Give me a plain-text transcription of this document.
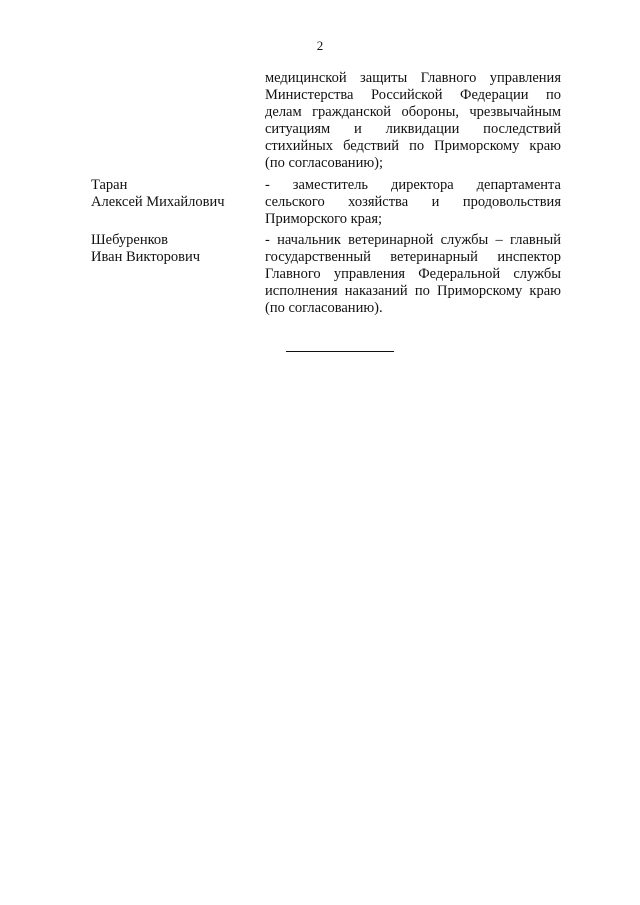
2
медицинской защиты Главного управления
Министерства Российской Федерации по
делам гражданской обороны, чрезвычайным
ситуациям и ликвидации последствий
стихийных бедствий по Приморскому краю
(по согласованию);
Таран
Алексей Михайлович
- заместитель директора департамента
сельского хозяйства и продовольствия
Приморского края;
Шебуренков
Иван Викторович
- начальник ветеринарной службы – главный
государственный ветеринарный инспектор
Главного управления Федеральной службы
исполнения наказаний по Приморскому краю
(по согласованию).
